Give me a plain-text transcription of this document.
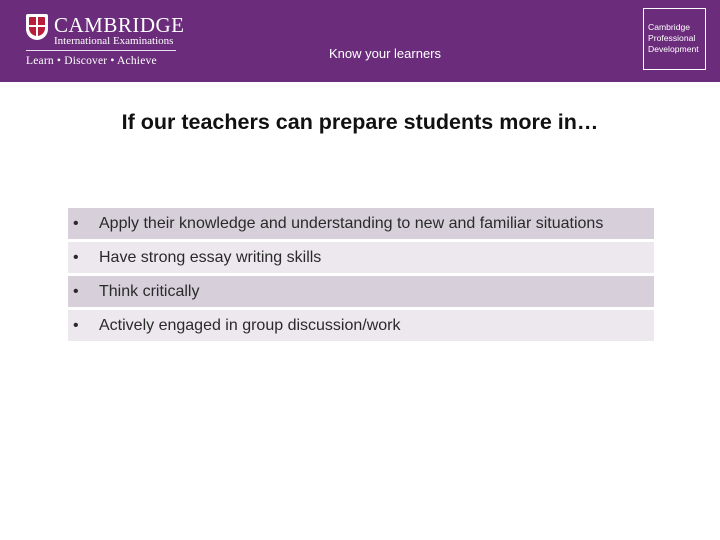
CAMBRIDGE
International Examinations
Learn • Discover • Achieve	Know your learners
Cambridge
Professional
Development
If our teachers can prepare students more in…
• Apply their knowledge and understanding to new and familiar situations
• Have strong essay writing skills
• Think critically
• Actively engaged in group discussion/work
